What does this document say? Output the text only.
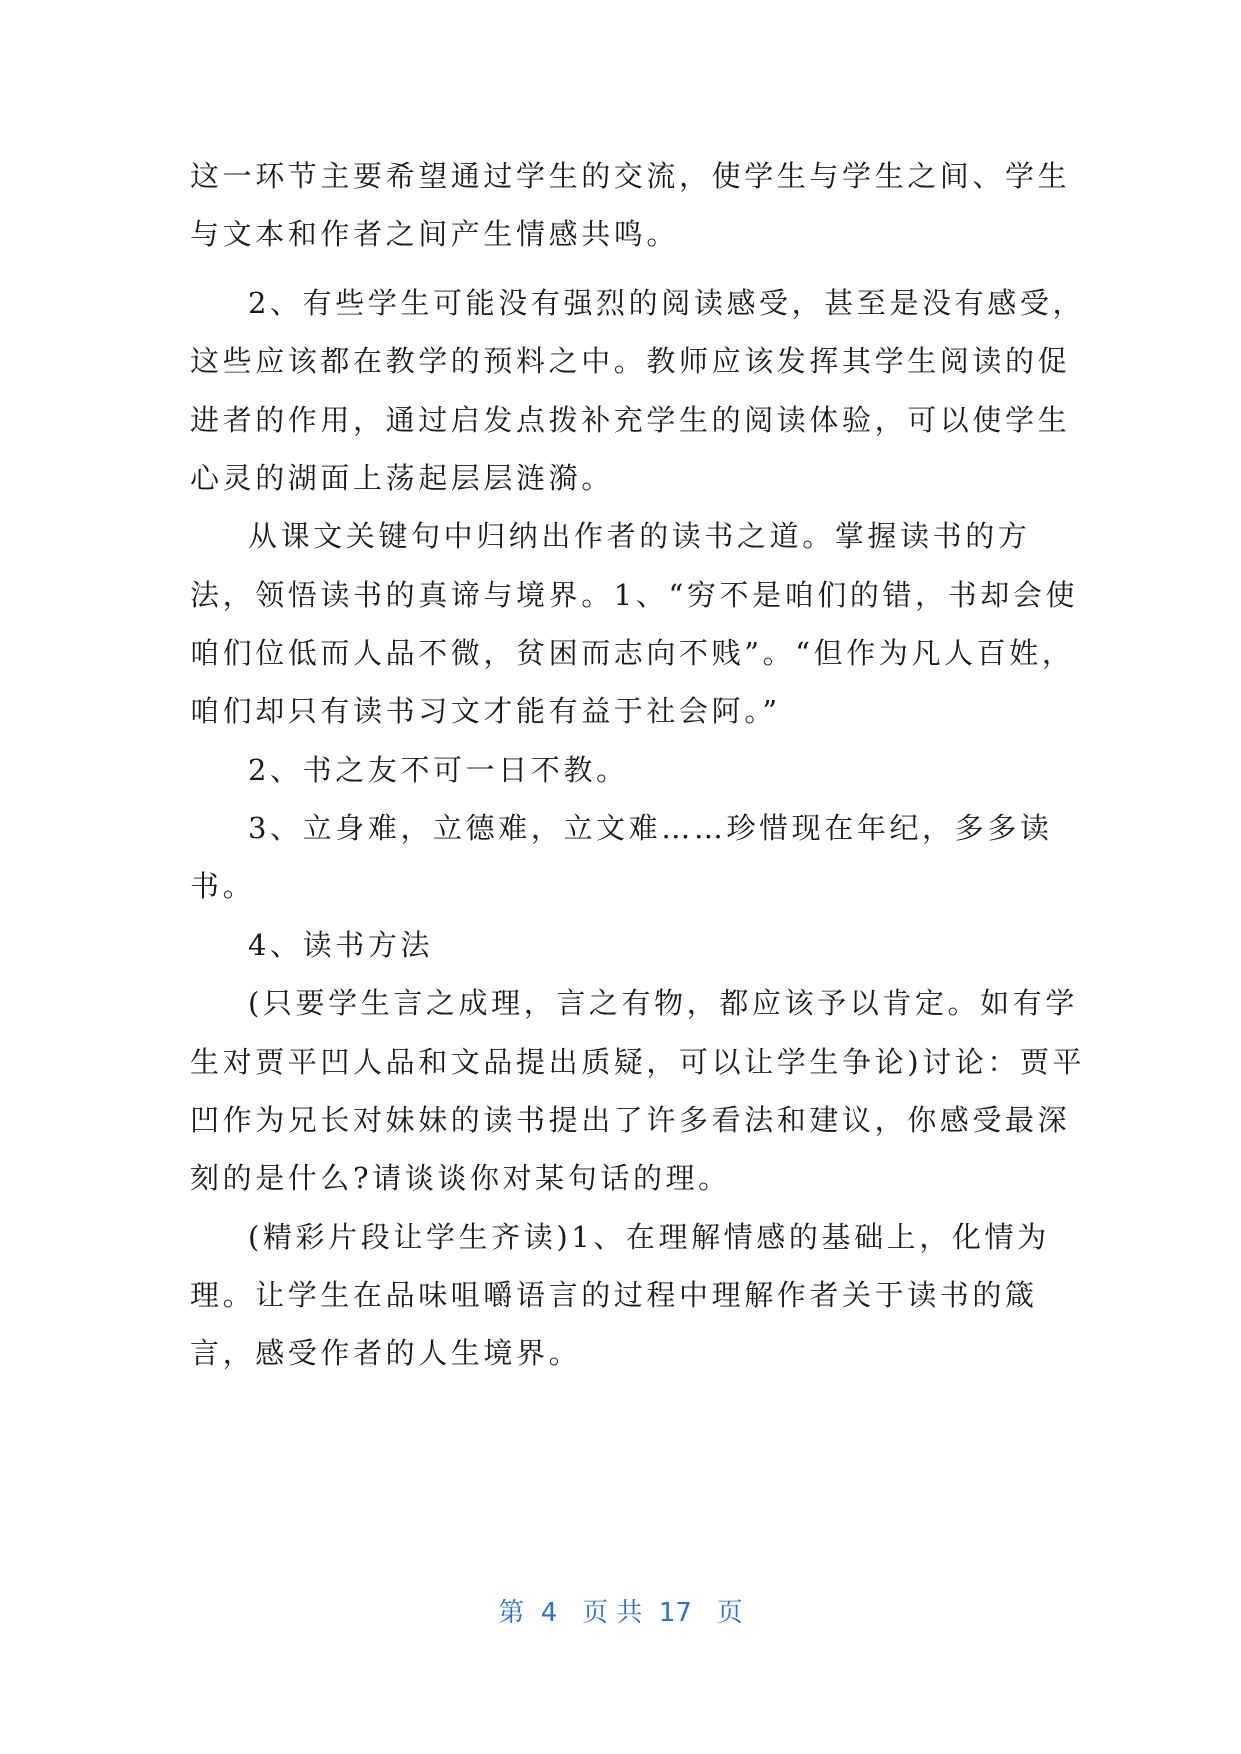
这一环节主要希望通过学生的交流，使学生与学生之间、学生
与文本和作者之间产生情感共鸣。
2、有些学生可能没有强烈的阅读感受，甚至是没有感受，
这些应该都在教学的预料之中。教师应该发挥其学生阅读的促
进者的作用，通过启发点拨补充学生的阅读体验，可以使学生
心灵的湖面上荡起层层涟漪。
从课文关键句中归纳出作者的读书之道。掌握读书的方
法，领悟读书的真谛与境界。1、“穷不是咱们的错，书却会使
咱们位低而人品不微，贫困而志向不贱”。“但作为凡人百姓，
咱们却只有读书习文才能有益于社会阿。”
2、书之友不可一日不教。
3、立身难，立德难，立文难……珍惜现在年纪，多多读
书。
4、读书方法
(只要学生言之成理，言之有物，都应该予以肯定。如有学
生对贾平凹人品和文品提出质疑，可以让学生争论)讨论：贾平
凹作为兄长对妹妹的读书提出了许多看法和建议，你感受最深
刻的是什么?请谈谈你对某句话的理。
(精彩片段让学生齐读)1、在理解情感的基础上，化情为
理。让学生在品味咀嚼语言的过程中理解作者关于读书的箴
言，感受作者的人生境界。
第  4   页 共  17   页
